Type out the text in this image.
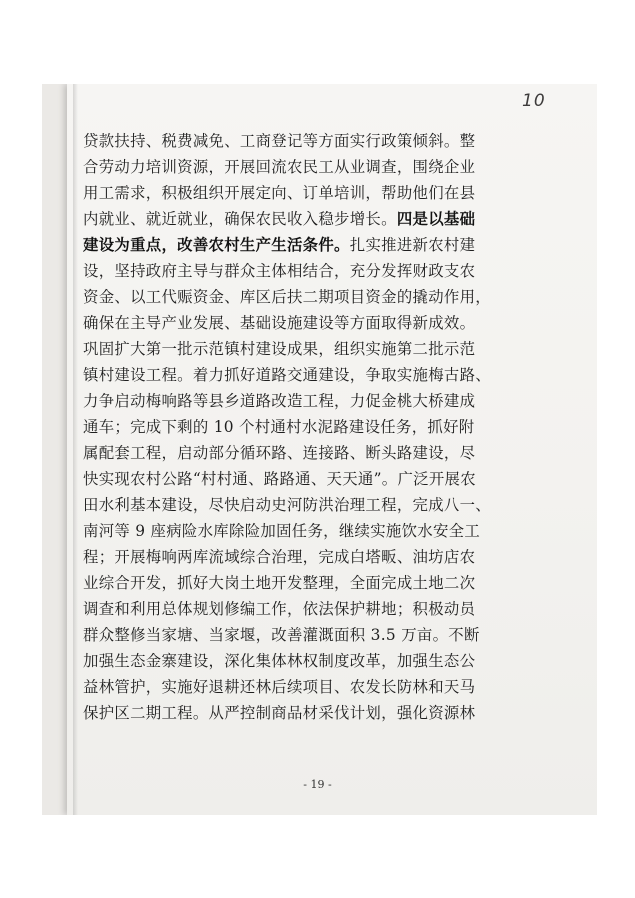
10

贷款扶持、税费减免、工商登记等方面实行政策倾斜。整
合劳动力培训资源，开展回流农民工从业调查，围绕企业
用工需求，积极组织开展定向、订单培训，帮助他们在县
内就业、就近就业，确保农民收入稳步增长。四是以基础
建设为重点，改善农村生产生活条件。扎实推进新农村建
设，坚持政府主导与群众主体相结合，充分发挥财政支农
资金、以工代赈资金、库区后扶二期项目资金的撬动作用，
确保在主导产业发展、基础设施建设等方面取得新成效。
巩固扩大第一批示范镇村建设成果，组织实施第二批示范
镇村建设工程。着力抓好道路交通建设，争取实施梅古路、
力争启动梅响路等县乡道路改造工程，力促金桃大桥建成
通车；完成下剩的 10 个村通村水泥路建设任务，抓好附
属配套工程，启动部分循环路、连接路、断头路建设，尽
快实现农村公路“村村通、路路通、天天通”。广泛开展农
田水利基本建设，尽快启动史河防洪治理工程，完成八一、
南河等 9 座病险水库除险加固任务，继续实施饮水安全工
程；开展梅响两库流域综合治理，完成白塔畈、油坊店农
业综合开发，抓好大岗土地开发整理，全面完成土地二次
调查和利用总体规划修编工作，依法保护耕地；积极动员
群众整修当家塘、当家堰，改善灌溉面积 3.5 万亩。不断
加强生态金寨建设，深化集体林权制度改革，加强生态公
益林管护，实施好退耕还林后续项目、农发长防林和天马
保护区二期工程。从严控制商品材采伐计划，强化资源林

- 19 -
